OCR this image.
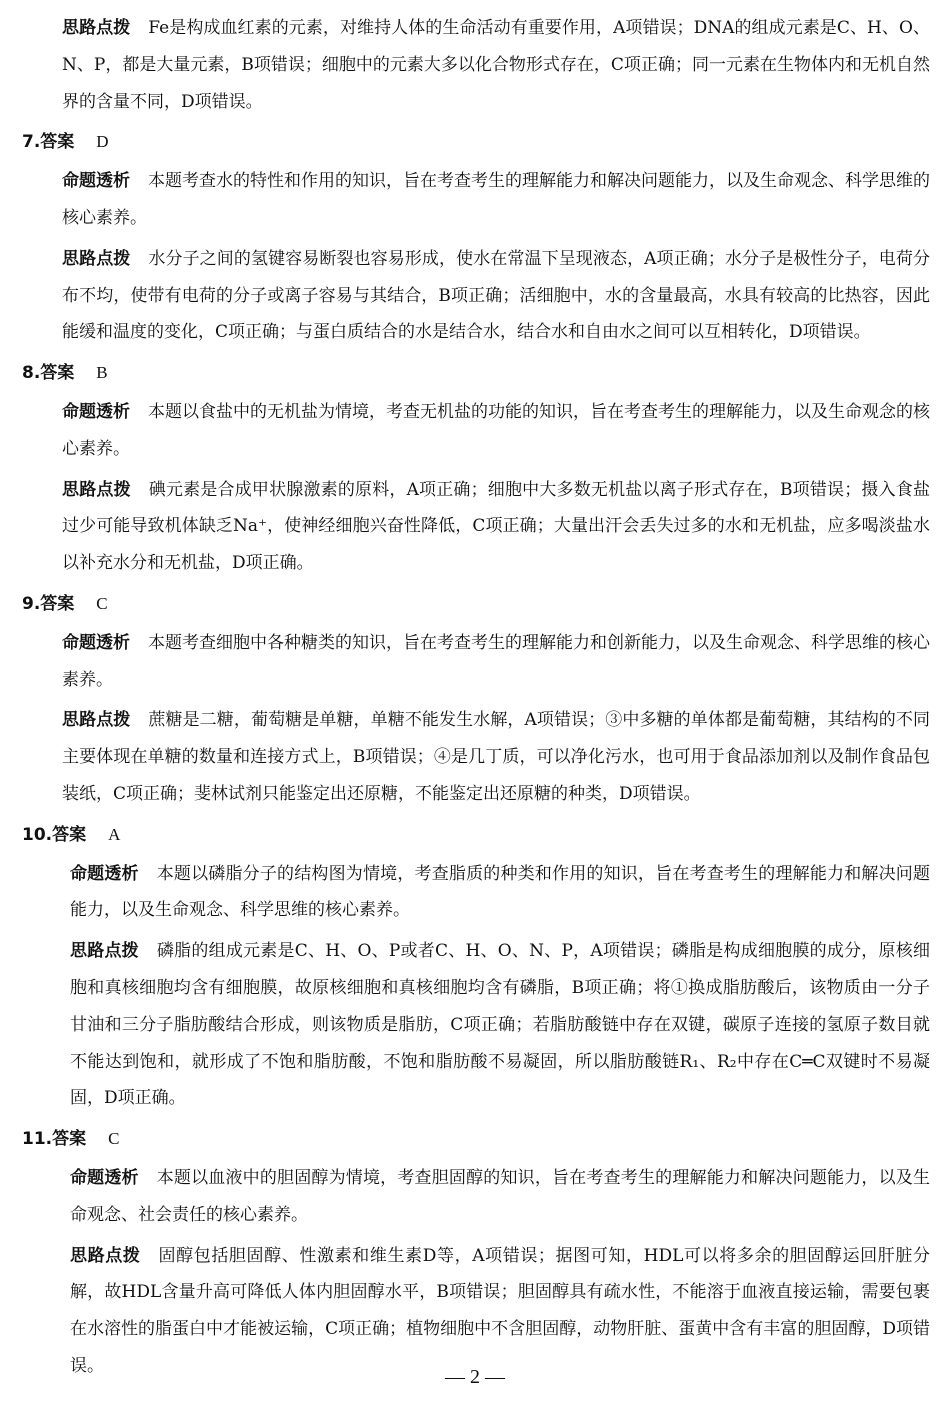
思路点拨 Fe是构成血红素的元素，对维持人体的生命活动有重要作用，A项错误；DNA的组成元素是C、H、O、N、P，都是大量元素，B项错误；细胞中的元素大多以化合物形式存在，C项正确；同一元素在生物体内和无机自然界的含量不同，D项错误。
7.答案 D
命题透析 本题考查水的特性和作用的知识，旨在考查考生的理解能力和解决问题能力，以及生命观念、科学思维的核心素养。
思路点拨 水分子之间的氢键容易断裂也容易形成，使水在常温下呈现液态，A项正确；水分子是极性分子，电荷分布不均，使带有电荷的分子或离子容易与其结合，B项正确；活细胞中，水的含量最高，水具有较高的比热容，因此能缓和温度的变化，C项正确；与蛋白质结合的水是结合水，结合水和自由水之间可以互相转化，D项错误。
8.答案 B
命题透析 本题以食盐中的无机盐为情境，考查无机盐的功能的知识，旨在考查考生的理解能力，以及生命观念的核心素养。
思路点拨 碘元素是合成甲状腺激素的原料，A项正确；细胞中大多数无机盐以离子形式存在，B项错误；摄入食盐过少可能导致机体缺乏Na⁺，使神经细胞兴奋性降低，C项正确；大量出汗会丢失过多的水和无机盐，应多喝淡盐水以补充水分和无机盐，D项正确。
9.答案 C
命题透析 本题考查细胞中各种糖类的知识，旨在考查考生的理解能力和创新能力，以及生命观念、科学思维的核心素养。
思路点拨 蔗糖是二糖，葡萄糖是单糖，单糖不能发生水解，A项错误；③中多糖的单体都是葡萄糖，其结构的不同主要体现在单糖的数量和连接方式上，B项错误；④是几丁质，可以净化污水，也可用于食品添加剂以及制作食品包装纸，C项正确；斐林试剂只能鉴定出还原糖，不能鉴定出还原糖的种类，D项错误。
10.答案 A
命题透析 本题以磷脂分子的结构图为情境，考查脂质的种类和作用的知识，旨在考查考生的理解能力和解决问题能力，以及生命观念、科学思维的核心素养。
思路点拨 磷脂的组成元素是C、H、O、P或者C、H、O、N、P，A项错误；磷脂是构成细胞膜的成分，原核细胞和真核细胞均含有细胞膜，故原核细胞和真核细胞均含有磷脂，B项正确；将①换成脂肪酸后，该物质由一分子甘油和三分子脂肪酸结合形成，则该物质是脂肪，C项正确；若脂肪酸链中存在双键，碳原子连接的氢原子数目就不能达到饱和，就形成了不饱和脂肪酸，不饱和脂肪酸不易凝固，所以脂肪酸链R₁、R₂中存在C═C双键时不易凝固，D项正确。
11.答案 C
命题透析 本题以血液中的胆固醇为情境，考查胆固醇的知识，旨在考查考生的理解能力和解决问题能力，以及生命观念、社会责任的核心素养。
思路点拨 固醇包括胆固醇、性激素和维生素D等，A项错误；据图可知，HDL可以将多余的胆固醇运回肝脏分解，故HDL含量升高可降低人体内胆固醇水平，B项错误；胆固醇具有疏水性，不能溶于血液直接运输，需要包裹在水溶性的脂蛋白中才能被运输，C项正确；植物细胞中不含胆固醇，动物肝脏、蛋黄中含有丰富的胆固醇，D项错误。
— 2 —
